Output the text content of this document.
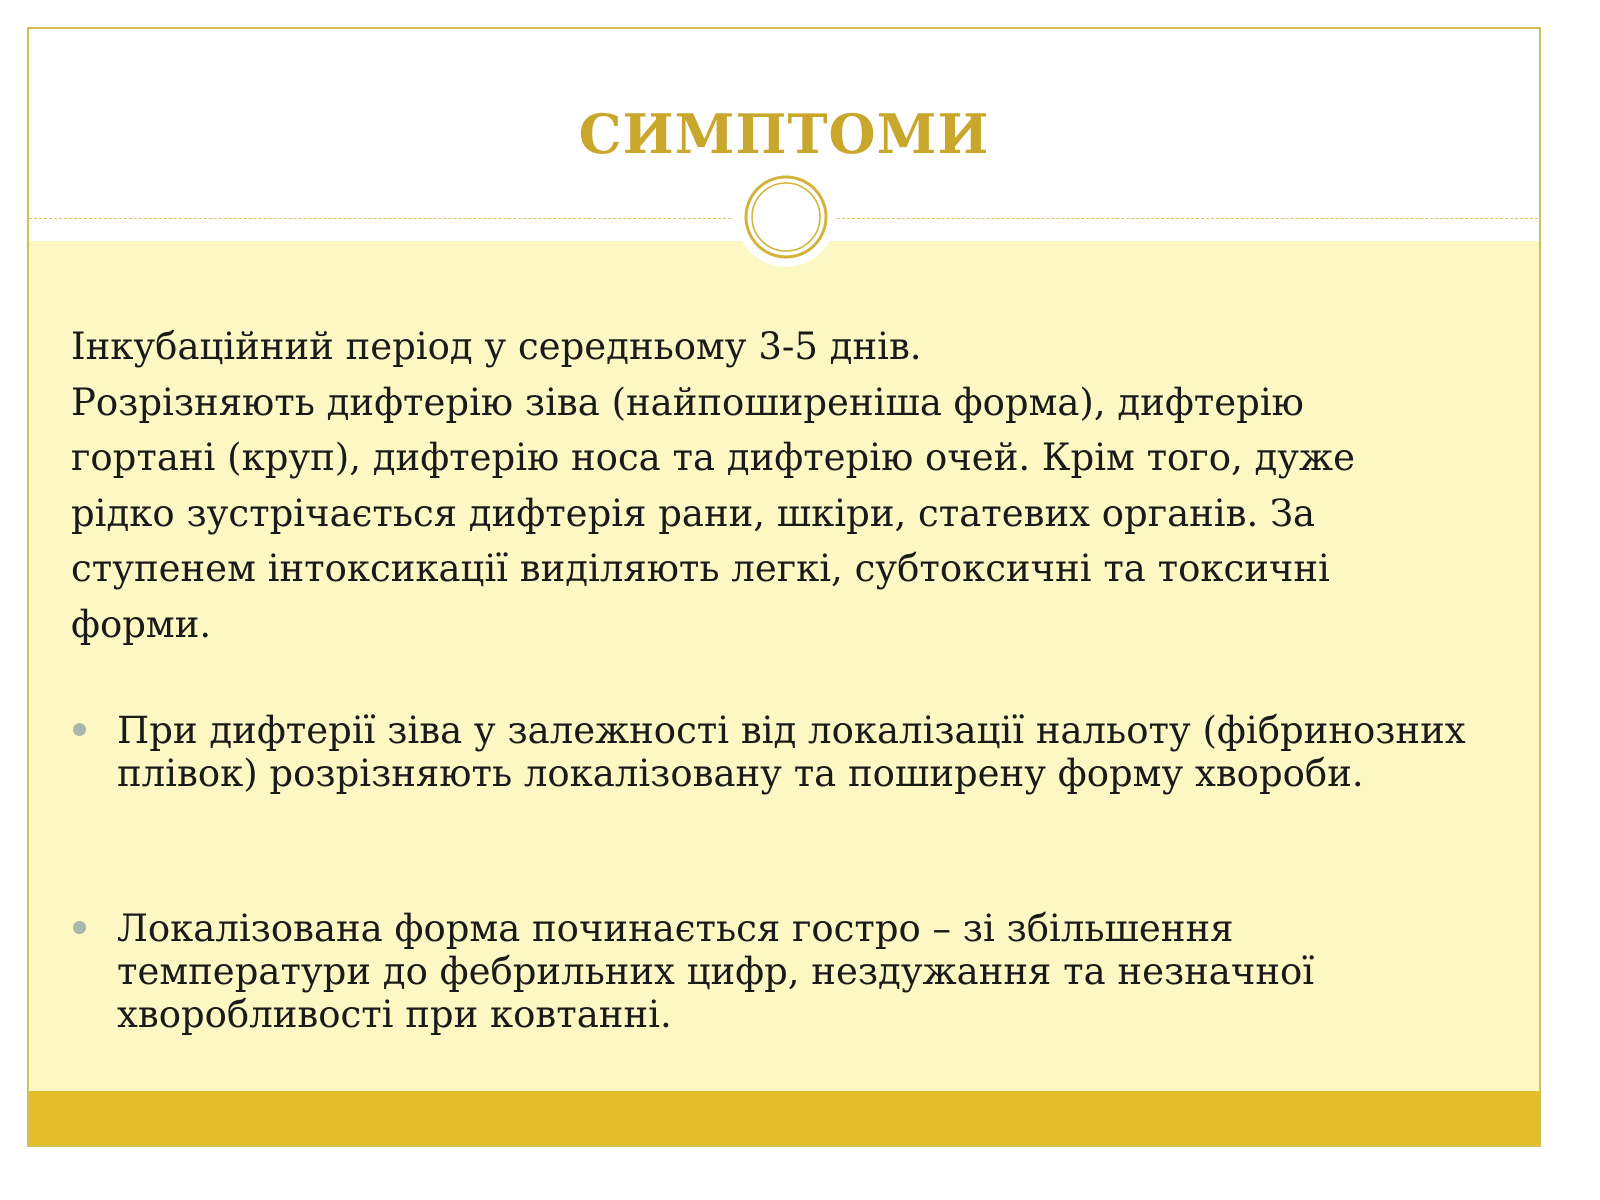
СИМПТОМИ

Інкубаційний період у середньому 3-5 днів.
Розрізняють дифтерію зіва (найпоширеніша форма), дифтерію
гортані (круп), дифтерію носа та дифтерію очей. Крім того, дуже
рідко зустрічається дифтерія рани, шкіри, статевих органів. За
ступенем інтоксикації виділяють легкі, субтоксичні та токсичні
форми.

При дифтерії зіва у залежності від локалізації нальоту (фібринозних плівок) розрізняють локалізовану та поширену форму хвороби.

Локалізована форма починається гостро – зі збільшення температури до фебрильних цифр, нездужання та незначної хворобливості при ковтанні.
